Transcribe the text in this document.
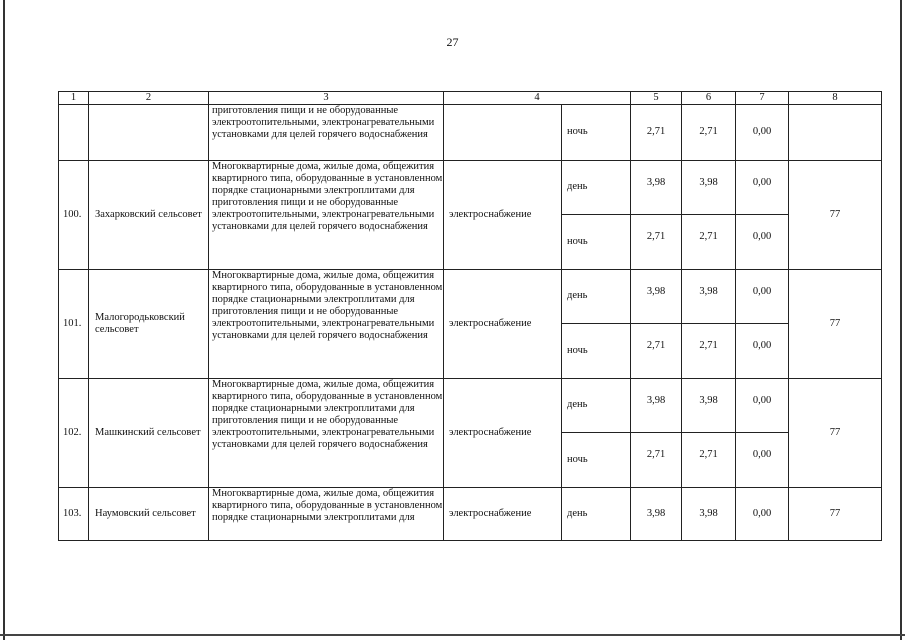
27
1	2	3	4		5	6	7	8
		приготовления пищи и не оборудованные электроотопительными, электронагревательными установками для целей горячего водоснабжения		ночь	2,71	2,71	0,00	
100.	Захарковский сельсовет	Многоквартирные дома, жилые дома, общежития квартирного типа, оборудованные в установленном порядке стационарными электроплитами для приготовления пищи и не оборудованные электроотопительными, электронагревательными установками для целей горячего водоснабжения	электроснабжение	день	3,98	3,98	0,00	77
				ночь	2,71	2,71	0,00	
101.	Малогородьковский сельсовет	Многоквартирные дома, жилые дома, общежития квартирного типа, оборудованные в установленном порядке стационарными электроплитами для приготовления пищи и не оборудованные электроотопительными, электронагревательными установками для целей горячего водоснабжения	электроснабжение	день	3,98	3,98	0,00	77
				ночь	2,71	2,71	0,00	
102.	Машкинский сельсовет	Многоквартирные дома, жилые дома, общежития квартирного типа, оборудованные в установленном порядке стационарными электроплитами для приготовления пищи и не оборудованные электроотопительными, электронагревательными установками для целей горячего водоснабжения	электроснабжение	день	3,98	3,98	0,00	77
				ночь	2,71	2,71	0,00	
103.	Наумовский сельсовет	Многоквартирные дома, жилые дома, общежития квартирного типа, оборудованные в установленном порядке стационарными электроплитами для	электроснабжение	день	3,98	3,98	0,00	77
